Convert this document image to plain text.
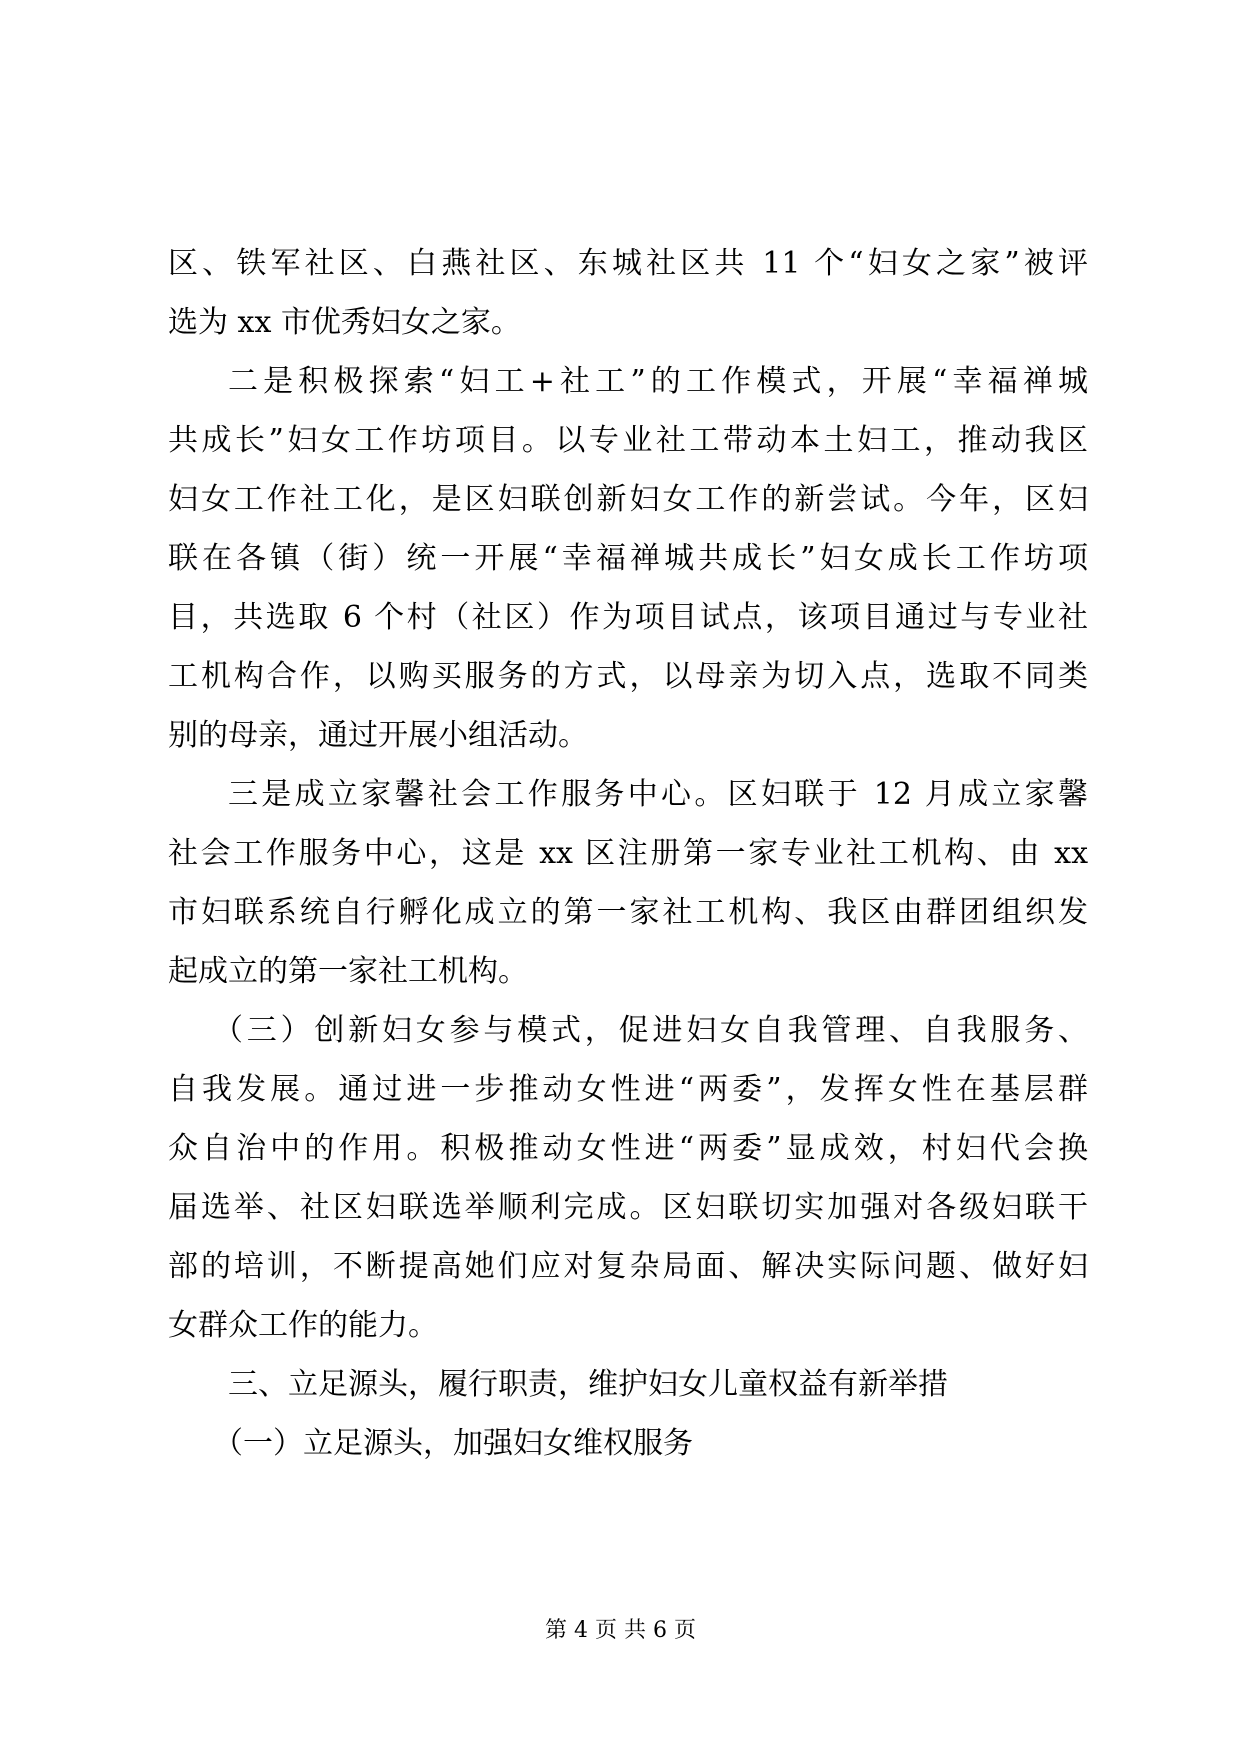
区、铁军社区、白燕社区、东城社区共 11 个“妇女之家”被评
选为 xx 市优秀妇女之家。
二是积极探索“妇工+社工”的工作模式，开展“幸福禅城
共成长”妇女工作坊项目。以专业社工带动本土妇工，推动我区
妇女工作社工化，是区妇联创新妇女工作的新尝试。今年，区妇
联在各镇（街）统一开展“幸福禅城共成长”妇女成长工作坊项
目，共选取 6 个村（社区）作为项目试点，该项目通过与专业社
工机构合作，以购买服务的方式，以母亲为切入点，选取不同类
别的母亲，通过开展小组活动。
三是成立家馨社会工作服务中心。区妇联于 12 月成立家馨
社会工作服务中心，这是 xx 区注册第一家专业社工机构、由 xx
市妇联系统自行孵化成立的第一家社工机构、我区由群团组织发
起成立的第一家社工机构。
（三）创新妇女参与模式，促进妇女自我管理、自我服务、
自我发展。通过进一步推动女性进“两委”，发挥女性在基层群
众自治中的作用。积极推动女性进“两委”显成效，村妇代会换
届选举、社区妇联选举顺利完成。区妇联切实加强对各级妇联干
部的培训，不断提高她们应对复杂局面、解决实际问题、做好妇
女群众工作的能力。
三、立足源头，履行职责，维护妇女儿童权益有新举措
（一）立足源头，加强妇女维权服务
第 4 页 共 6 页
